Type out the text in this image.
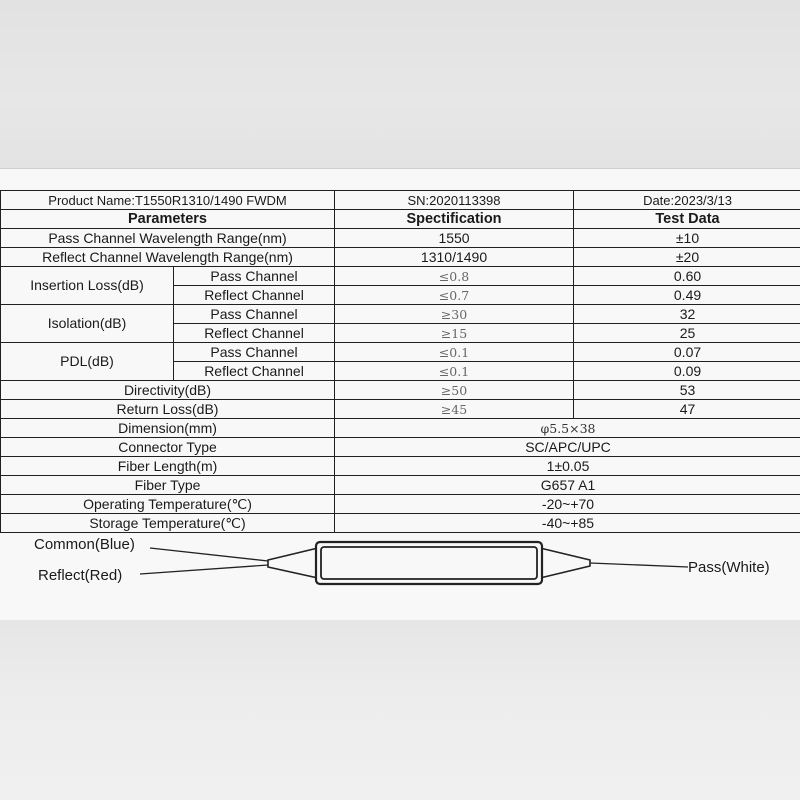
Product Name:T1550R1310/1490 FWDM		SN:2020113398	Date:2023/3/13
Parameters		Spectification	Test Data
Pass Channel Wavelength Range(nm)		1550	±10
Reflect Channel Wavelength Range(nm)		1310/1490	±20
Insertion Loss(dB)	Pass Channel	≤0.8	0.60
	Reflect Channel	≤0.7	0.49
Isolation(dB)	Pass Channel	≥30	32
	Reflect Channel	≥15	25
PDL(dB)	Pass Channel	≤0.1	0.07
	Reflect Channel	≤0.1	0.09
Directivity(dB)		≥50	53
Return Loss(dB)		≥45	47
Dimension(mm)		φ5.5×38	
Connector Type		SC/APC/UPC	
Fiber Length(m)		1±0.05	
Fiber Type		G657 A1	
Operating Temperature(℃)		-20~+70	
Storage Temperature(℃)		-40~+85	
Common(Blue)
Reflect(Red)	Pass(White)
